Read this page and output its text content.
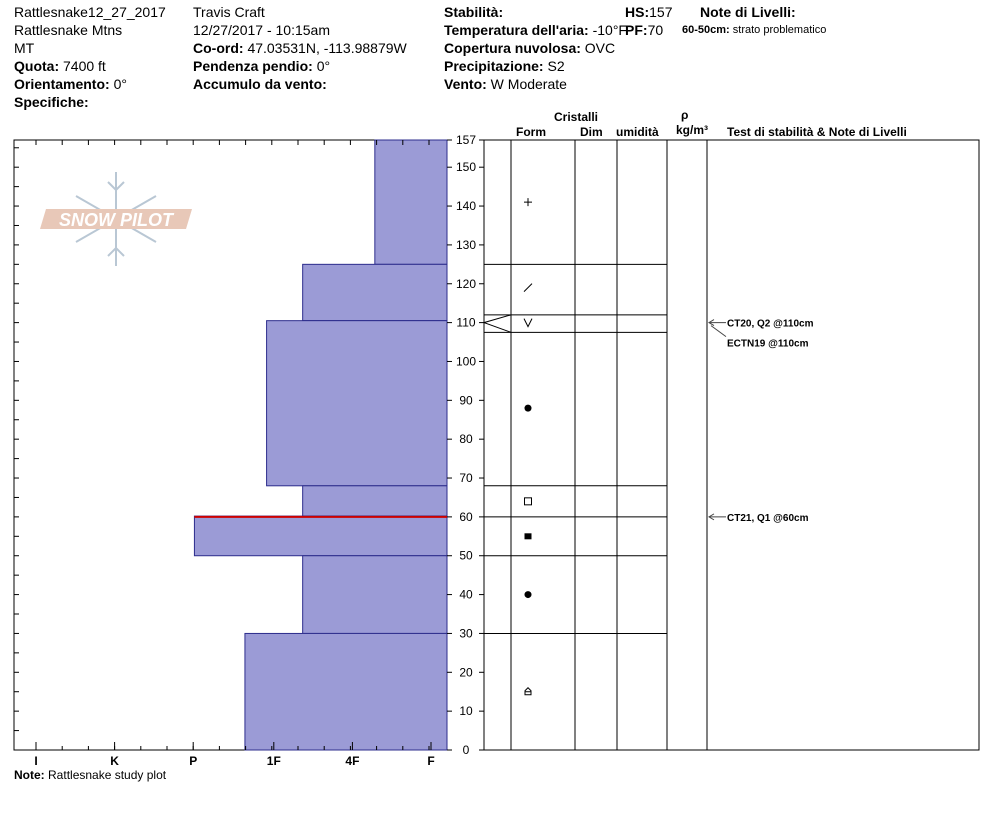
Rattlesnake12_27_2017
Rattlesnake Mtns
MT
Quota: 7400 ft
Orientamento: 0°
Specifiche:
Travis Craft
12/27/2017 - 10:15am
Co-ord: 47.03531N, -113.98879W
Pendenza pendio: 0°
Accumulo da vento:
Stabilità:
Temperatura dell'aria: -10°F
Copertura nuvolosa: OVC
Precipitazione: S2
Vento: W Moderate
HS:157
PF:70
Note di Livelli:
60-50cm: strato problematico
Cristalli
Form	Dim umidità
ρ
kg/m³ Test di stabilità & Note di Livelli
SNOW PILOT
I	K	P	1F	4F	F
0
10
20
30
40
50
60
70
80
90
100
110
120
130
140
150
157
CT20, Q2 @110cm
ECTN19 @110cm
CT21, Q1 @60cm
Note: Rattlesnake study plot
